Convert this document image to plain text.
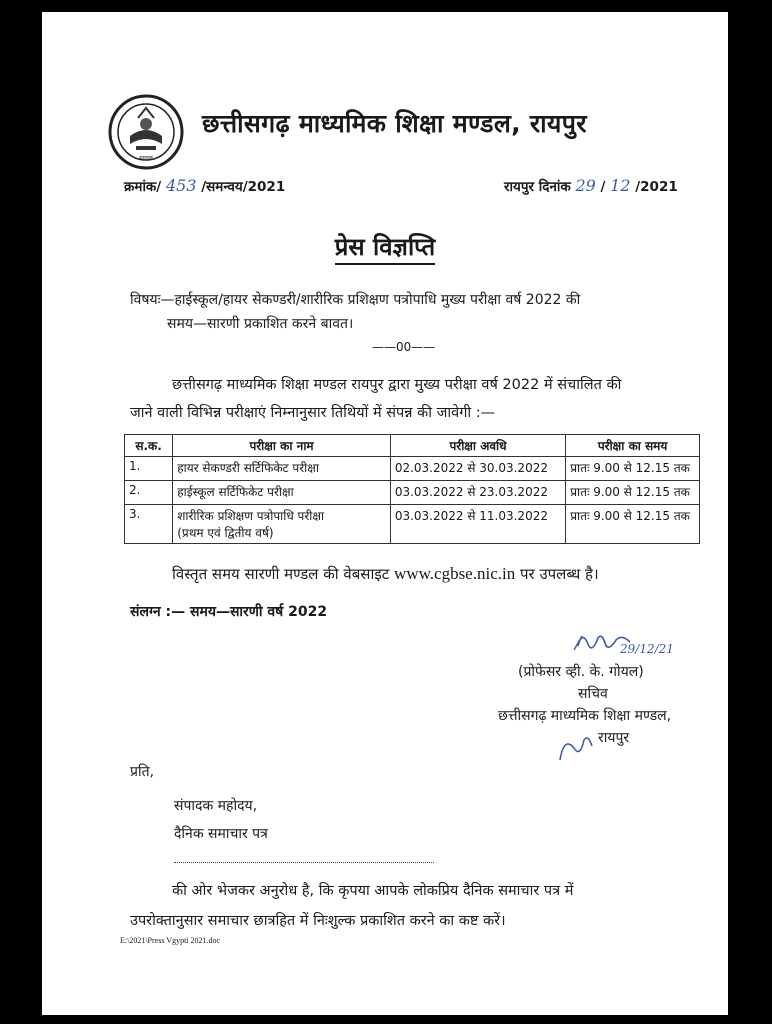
मण्डल
छत्तीसगढ़ माध्यमिक शिक्षा मण्डल, रायपुर
क्रमांक/ 453 /समन्वय/2021	रायपुर दिनांक 29 / 12 /2021
प्रेस विज्ञप्ति
विषयः—हाईस्कूल/हायर सेकण्डरी/शारीरिक प्रशिक्षण पत्रोपाधि मुख्य परीक्षा वर्ष 2022 की
समय—सारणी प्रकाशित करने बावत।
——00——
छत्तीसगढ़ माध्यमिक शिक्षा मण्डल रायपुर द्वारा मुख्य परीक्षा वर्ष 2022 में संचालित की
जाने वाली विभिन्न परीक्षाएं निम्नानुसार तिथियों में संपन्न की जावेगी :—
स.क.	परीक्षा का नाम	परीक्षा अवधि	परीक्षा का समय
1.	हायर सेकण्डरी सर्टिफिकेट परीक्षा	02.03.2022 से 30.03.2022	प्रातः 9.00 से 12.15 तक
2.	हाईस्कूल सर्टिफिकेट परीक्षा	03.03.2022 से 23.03.2022	प्रातः 9.00 से 12.15 तक
3.	शारीरिक प्रशिक्षण पत्रोपाधि परीक्षा
(प्रथम एवं द्वितीय वर्ष)	03.03.2022 से 11.03.2022	प्रातः 9.00 से 12.15 तक
विस्तृत समय सारणी मण्डल की वेबसाइट www.cgbse.nic.in पर उपलब्ध है।
संलग्न :— समय—सारणी वर्ष 2022
29/12/21
(प्रोफेसर व्ही. के. गोयल)
सचिव
छत्तीसगढ़ माध्यमिक शिक्षा मण्डल,
रायपुर
प्रति,
संपादक महोदय,
दैनिक समाचार पत्र
की ओर भेजकर अनुरोध है, कि कृपया आपके लोकप्रिय दैनिक समाचार पत्र में
उपरोक्तानुसार समाचार छात्रहित में निःशुल्क प्रकाशित करने का कष्ट करें।
E:\2021\Press Vgypti 2021.doc
